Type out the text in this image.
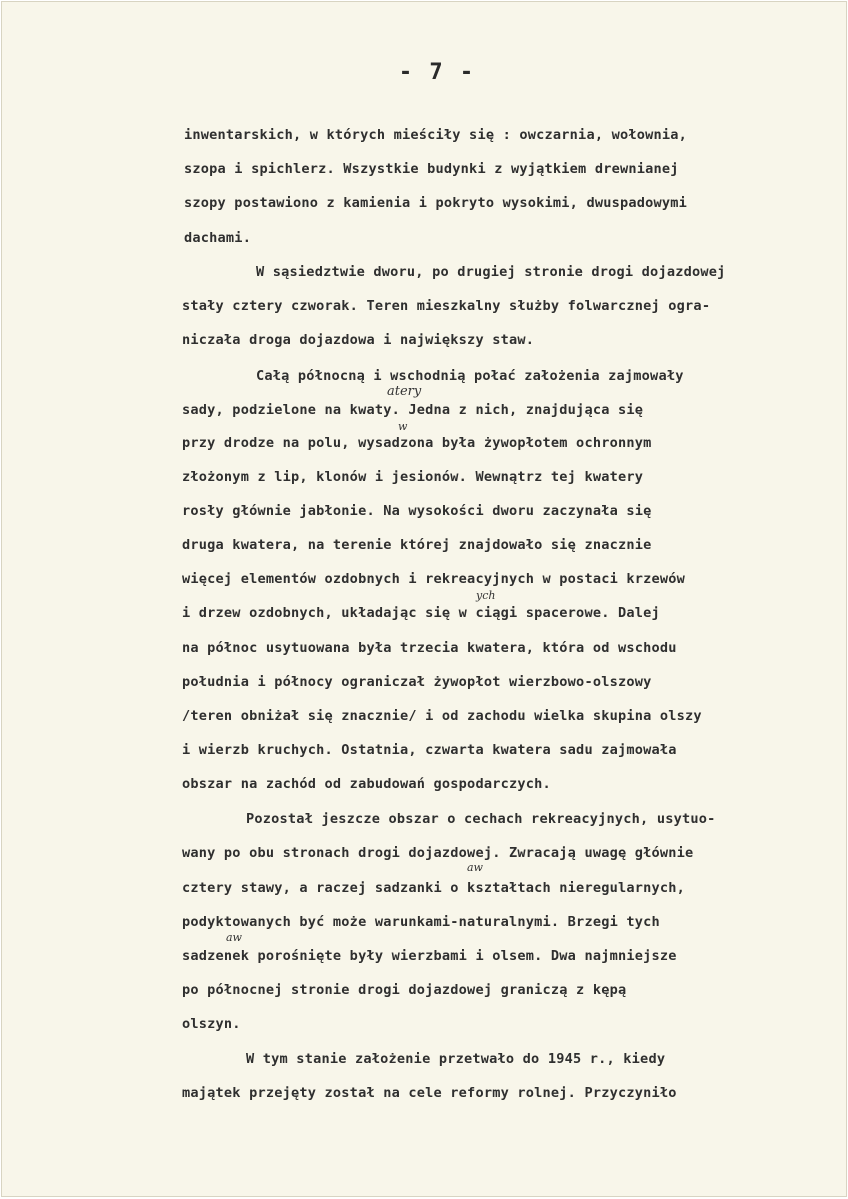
- 7 -
inwentarskich, w których mieściły się : owczarnia, wołownia,
szopa i spichlerz. Wszystkie budynki z wyjątkiem drewnianej
szopy postawiono z kamienia i pokryto wysokimi, dwuspadowymi
dachami.
W sąsiedztwie dworu, po drugiej stronie drogi dojazdowej
stały cztery czworak. Teren mieszkalny służby folwarcznej ogra-
niczała droga dojazdowa i największy staw.
Całą północną i wschodnią połać założenia zajmowały
sady, podzielone na kwaty. Jedna z nich, znajdująca się
przy drodze na polu, wysadzona była żywopłotem ochronnym
złożonym z lip, klonów i jesionów. Wewnątrz tej kwatery
rosły głównie jabłonie. Na wysokości dworu zaczynała się
druga kwatera, na terenie której znajdowało się znacznie
więcej elementów ozdobnych i rekreacyjnych w postaci krzewów
i drzew ozdobnych, układając się w ciągi spacerowe. Dalej
na północ usytuowana była trzecia kwatera, która od wschodu
południa i północy ograniczał żywopłot wierzbowo-olszowy
/teren obniżał się znacznie/ i od zachodu wielka skupina olszy
i wierzb kruchych. Ostatnia, czwarta kwatera sadu zajmowała
obszar na zachód od zabudowań gospodarczych.
Pozostał jeszcze obszar o cechach rekreacyjnych, usytuo-
wany po obu stronach drogi dojazdowej. Zwracają uwagę głównie
cztery stawy, a raczej sadzanki o kształtach nieregularnych,
podyktowanych być może warunkami-naturalnymi. Brzegi tych
sadzenek porośnięte były wierzbami i olsem. Dwa najmniejsze
po północnej stronie drogi dojazdowej graniczą z kępą
olszyn.
W tym stanie założenie przetwało do 1945 r., kiedy
majątek przejęty został na cele reformy rolnej. Przyczyniło
atery
w
ych
aw
aw
